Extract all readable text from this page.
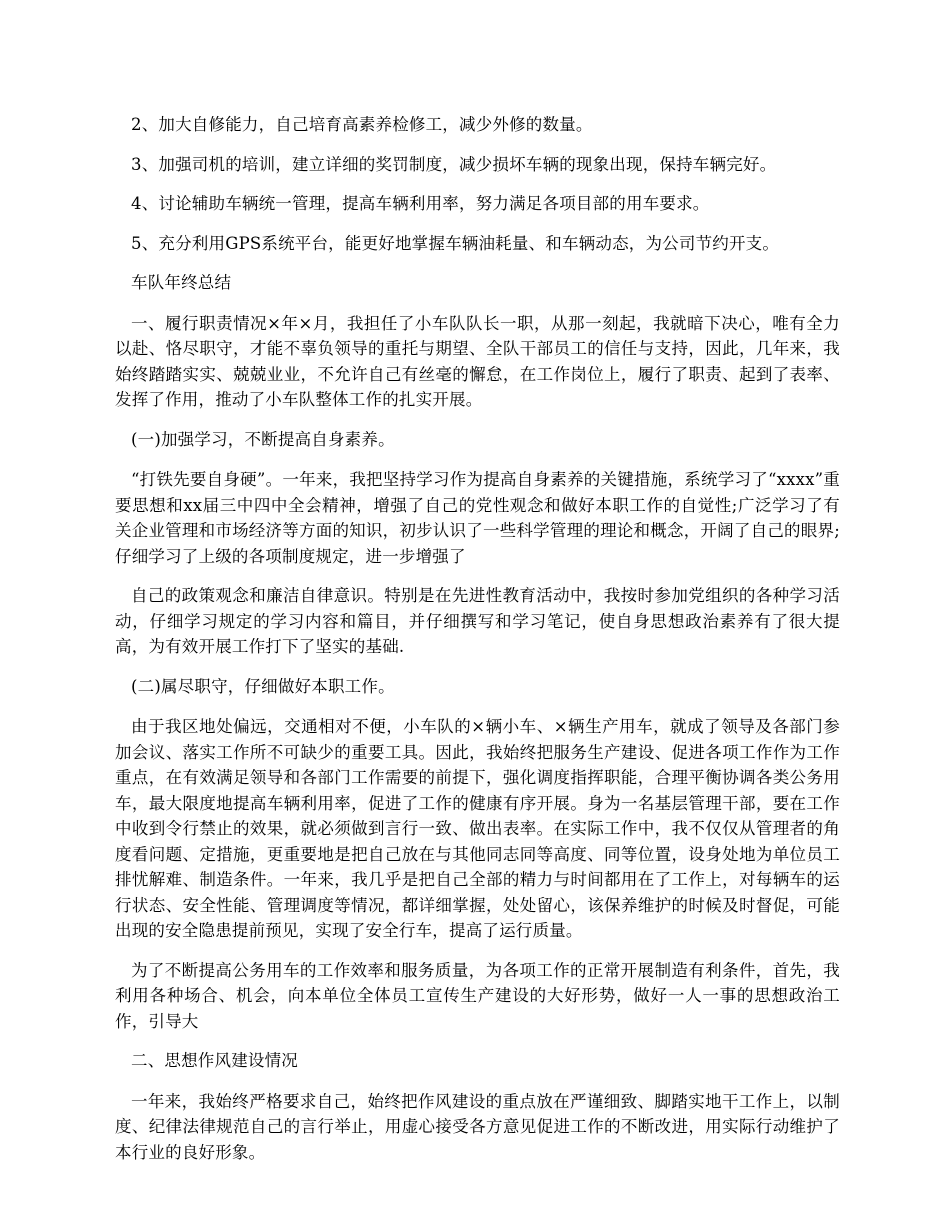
2、加大自修能力，自己培育高素养检修工，减少外修的数量。

3、加强司机的培训，建立详细的奖罚制度，减少损坏车辆的现象出现，保持车辆完好。

4、讨论辅助车辆统一管理，提高车辆利用率，努力满足各项目部的用车要求。

5、充分利用GPS系统平台，能更好地掌握车辆油耗量、和车辆动态，为公司节约开支。

车队年终总结

一、履行职责情况×年×月，我担任了小车队队长一职，从那一刻起，我就暗下决心，唯有全力以赴、恪尽职守，才能不辜负领导的重托与期望、全队干部员工的信任与支持，因此，几年来，我始终踏踏实实、兢兢业业，不允许自己有丝毫的懈怠，在工作岗位上，履行了职责、起到了表率、发挥了作用，推动了小车队整体工作的扎实开展。

(一)加强学习，不断提高自身素养。

“打铁先要自身硬”。一年来，我把坚持学习作为提高自身素养的关键措施，系统学习了“xxxx”重要思想和xx届三中四中全会精神，增强了自己的党性观念和做好本职工作的自觉性;广泛学习了有关企业管理和市场经济等方面的知识，初步认识了一些科学管理的理论和概念，开阔了自己的眼界;仔细学习了上级的各项制度规定，进一步增强了

自己的政策观念和廉洁自律意识。特别是在先进性教育活动中，我按时参加党组织的各种学习活动，仔细学习规定的学习内容和篇目，并仔细撰写和学习笔记，使自身思想政治素养有了很大提高，为有效开展工作打下了坚实的基础.

(二)属尽职守，仔细做好本职工作。

由于我区地处偏远，交通相对不便，小车队的×辆小车、×辆生产用车，就成了领导及各部门参加会议、落实工作所不可缺少的重要工具。因此，我始终把服务生产建设、促进各项工作作为工作重点，在有效满足领导和各部门工作需要的前提下，强化调度指挥职能，合理平衡协调各类公务用车，最大限度地提高车辆利用率，促进了工作的健康有序开展。身为一名基层管理干部，要在工作中收到令行禁止的效果，就必须做到言行一致、做出表率。在实际工作中，我不仅仅从管理者的角度看问题、定措施，更重要地是把自己放在与其他同志同等高度、同等位置，设身处地为单位员工排忧解难、制造条件。一年来，我几乎是把自己全部的精力与时间都用在了工作上，对每辆车的运行状态、安全性能、管理调度等情况，都详细掌握，处处留心，该保养维护的时候及时督促，可能出现的安全隐患提前预见，实现了安全行车，提高了运行质量。

为了不断提高公务用车的工作效率和服务质量，为各项工作的正常开展制造有利条件，首先，我利用各种场合、机会，向本单位全体员工宣传生产建设的大好形势，做好一人一事的思想政治工作，引导大

二、思想作风建设情况

一年来，我始终严格要求自己，始终把作风建设的重点放在严谨细致、脚踏实地干工作上，以制度、纪律法律规范自己的言行举止，用虚心接受各方意见促进工作的不断改进，用实际行动维护了本行业的良好形象。
